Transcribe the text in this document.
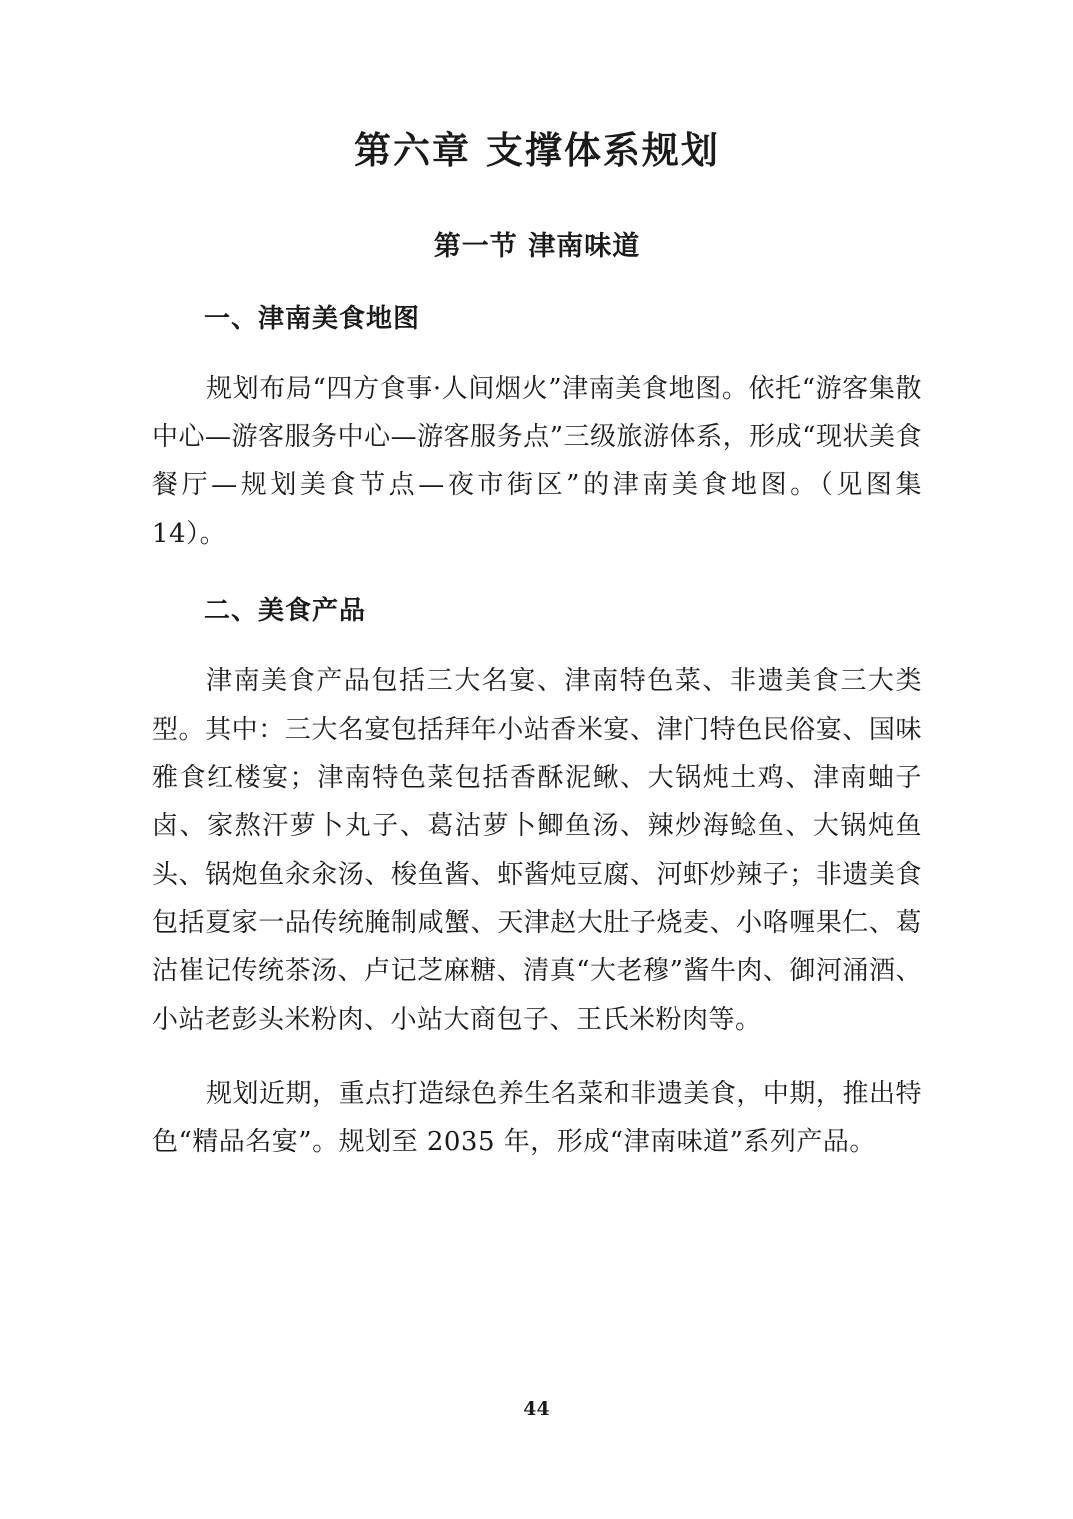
第六章 支撑体系规划
第一节 津南味道
一、津南美食地图

规划布局“四方食事·人间烟火”津南美食地图。依托“游客集散中心—游客服务中心—游客服务点”三级旅游体系，形成“现状美食餐厅—规划美食节点—夜市街区”的津南美食地图。（见图集 14）。

二、美食产品

津南美食产品包括三大名宴、津南特色菜、非遗美食三大类型。其中：三大名宴包括拜年小站香米宴、津门特色民俗宴、国味雅食红楼宴；津南特色菜包括香酥泥鳅、大锅炖土鸡、津南蚰子卤、家熬汗萝卜丸子、葛沽萝卜鲫鱼汤、辣炒海鲶鱼、大锅炖鱼头、锅炮鱼汆汆汤、梭鱼酱、虾酱炖豆腐、河虾炒辣子；非遗美食包括夏家一品传统腌制咸蟹、天津赵大肚子烧麦、小咯喱果仁、葛沽崔记传统茶汤、卢记芝麻糖、清真“大老穆”酱牛肉、御河涌酒、小站老彭头米粉肉、小站大商包子、王氏米粉肉等。

规划近期，重点打造绿色养生名菜和非遗美食，中期，推出特色“精品名宴”。规划至 2035 年，形成“津南味道”系列产品。

44
